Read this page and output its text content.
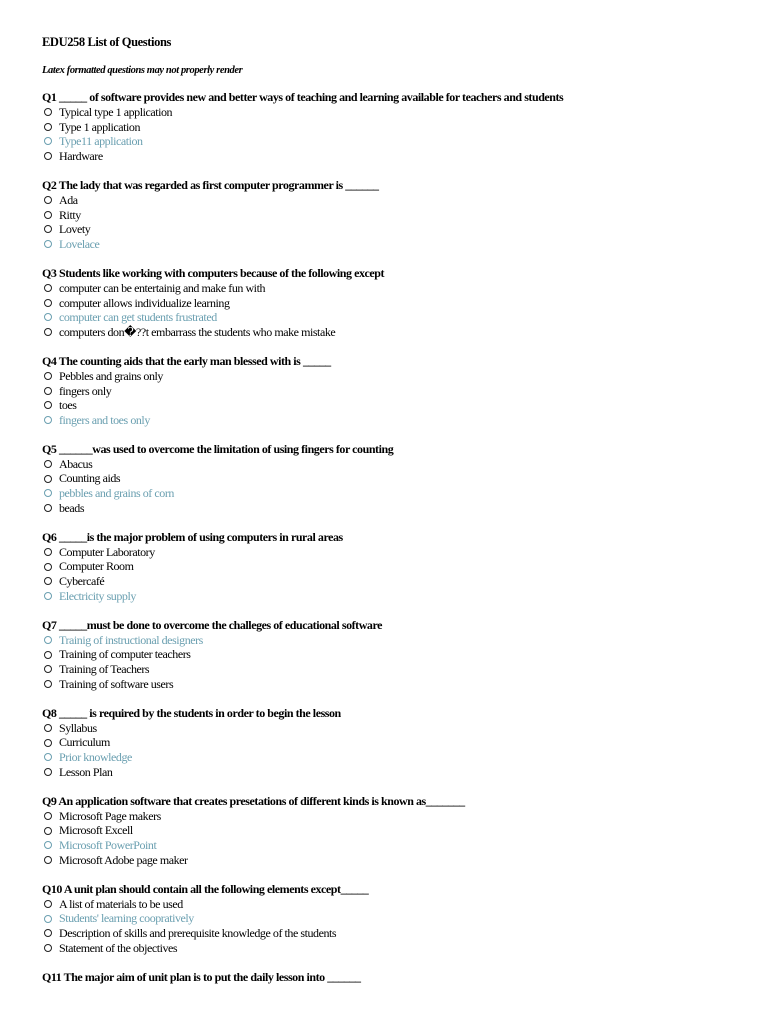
EDU258 List of Questions
Latex formatted questions may not properly render
Q1 _____ of software provides new and better ways of teaching and learning available for teachers and students
Typical type 1 application
Type 1 application
Type11 application
Hardware
Q2 The lady that was regarded as first computer programmer is ______
Ada
Ritty
Lovety
Lovelace
Q3 Students like working with computers because of the following except
computer can be entertainig and make fun with
computer allows individualize learning
computer can get students frustrated
computers don�??t embarrass the students who make mistake
Q4 The counting aids that the early man blessed with is _____
Pebbles and grains only
fingers only
toes
fingers and toes only
Q5 ______was used to overcome the limitation of using fingers for counting
Abacus
Counting aids
pebbles and grains of corn
beads
Q6 _____is the major problem of using computers in rural areas
Computer Laboratory
Computer Room
Cybercafé
Electricity supply
Q7 _____must be done to overcome the challeges of educational software
Trainig of instructional designers
Training of computer teachers
Training of Teachers
Training of software users
Q8 _____ is required by the students in order to begin the lesson
Syllabus
Curriculum
Prior knowledge
Lesson Plan
Q9 An application software that creates presetations of different kinds is known as_______
Microsoft Page makers
Microsoft Excell
Microsoft PowerPoint
Microsoft Adobe page maker
Q10 A unit plan should contain all the following elements except_____
A list of materials to be used
Students' learning coopratively
Description of skills and prerequisite knowledge of the students
Statement of the objectives
Q11 The major aim of unit plan is to put the daily lesson into ______
